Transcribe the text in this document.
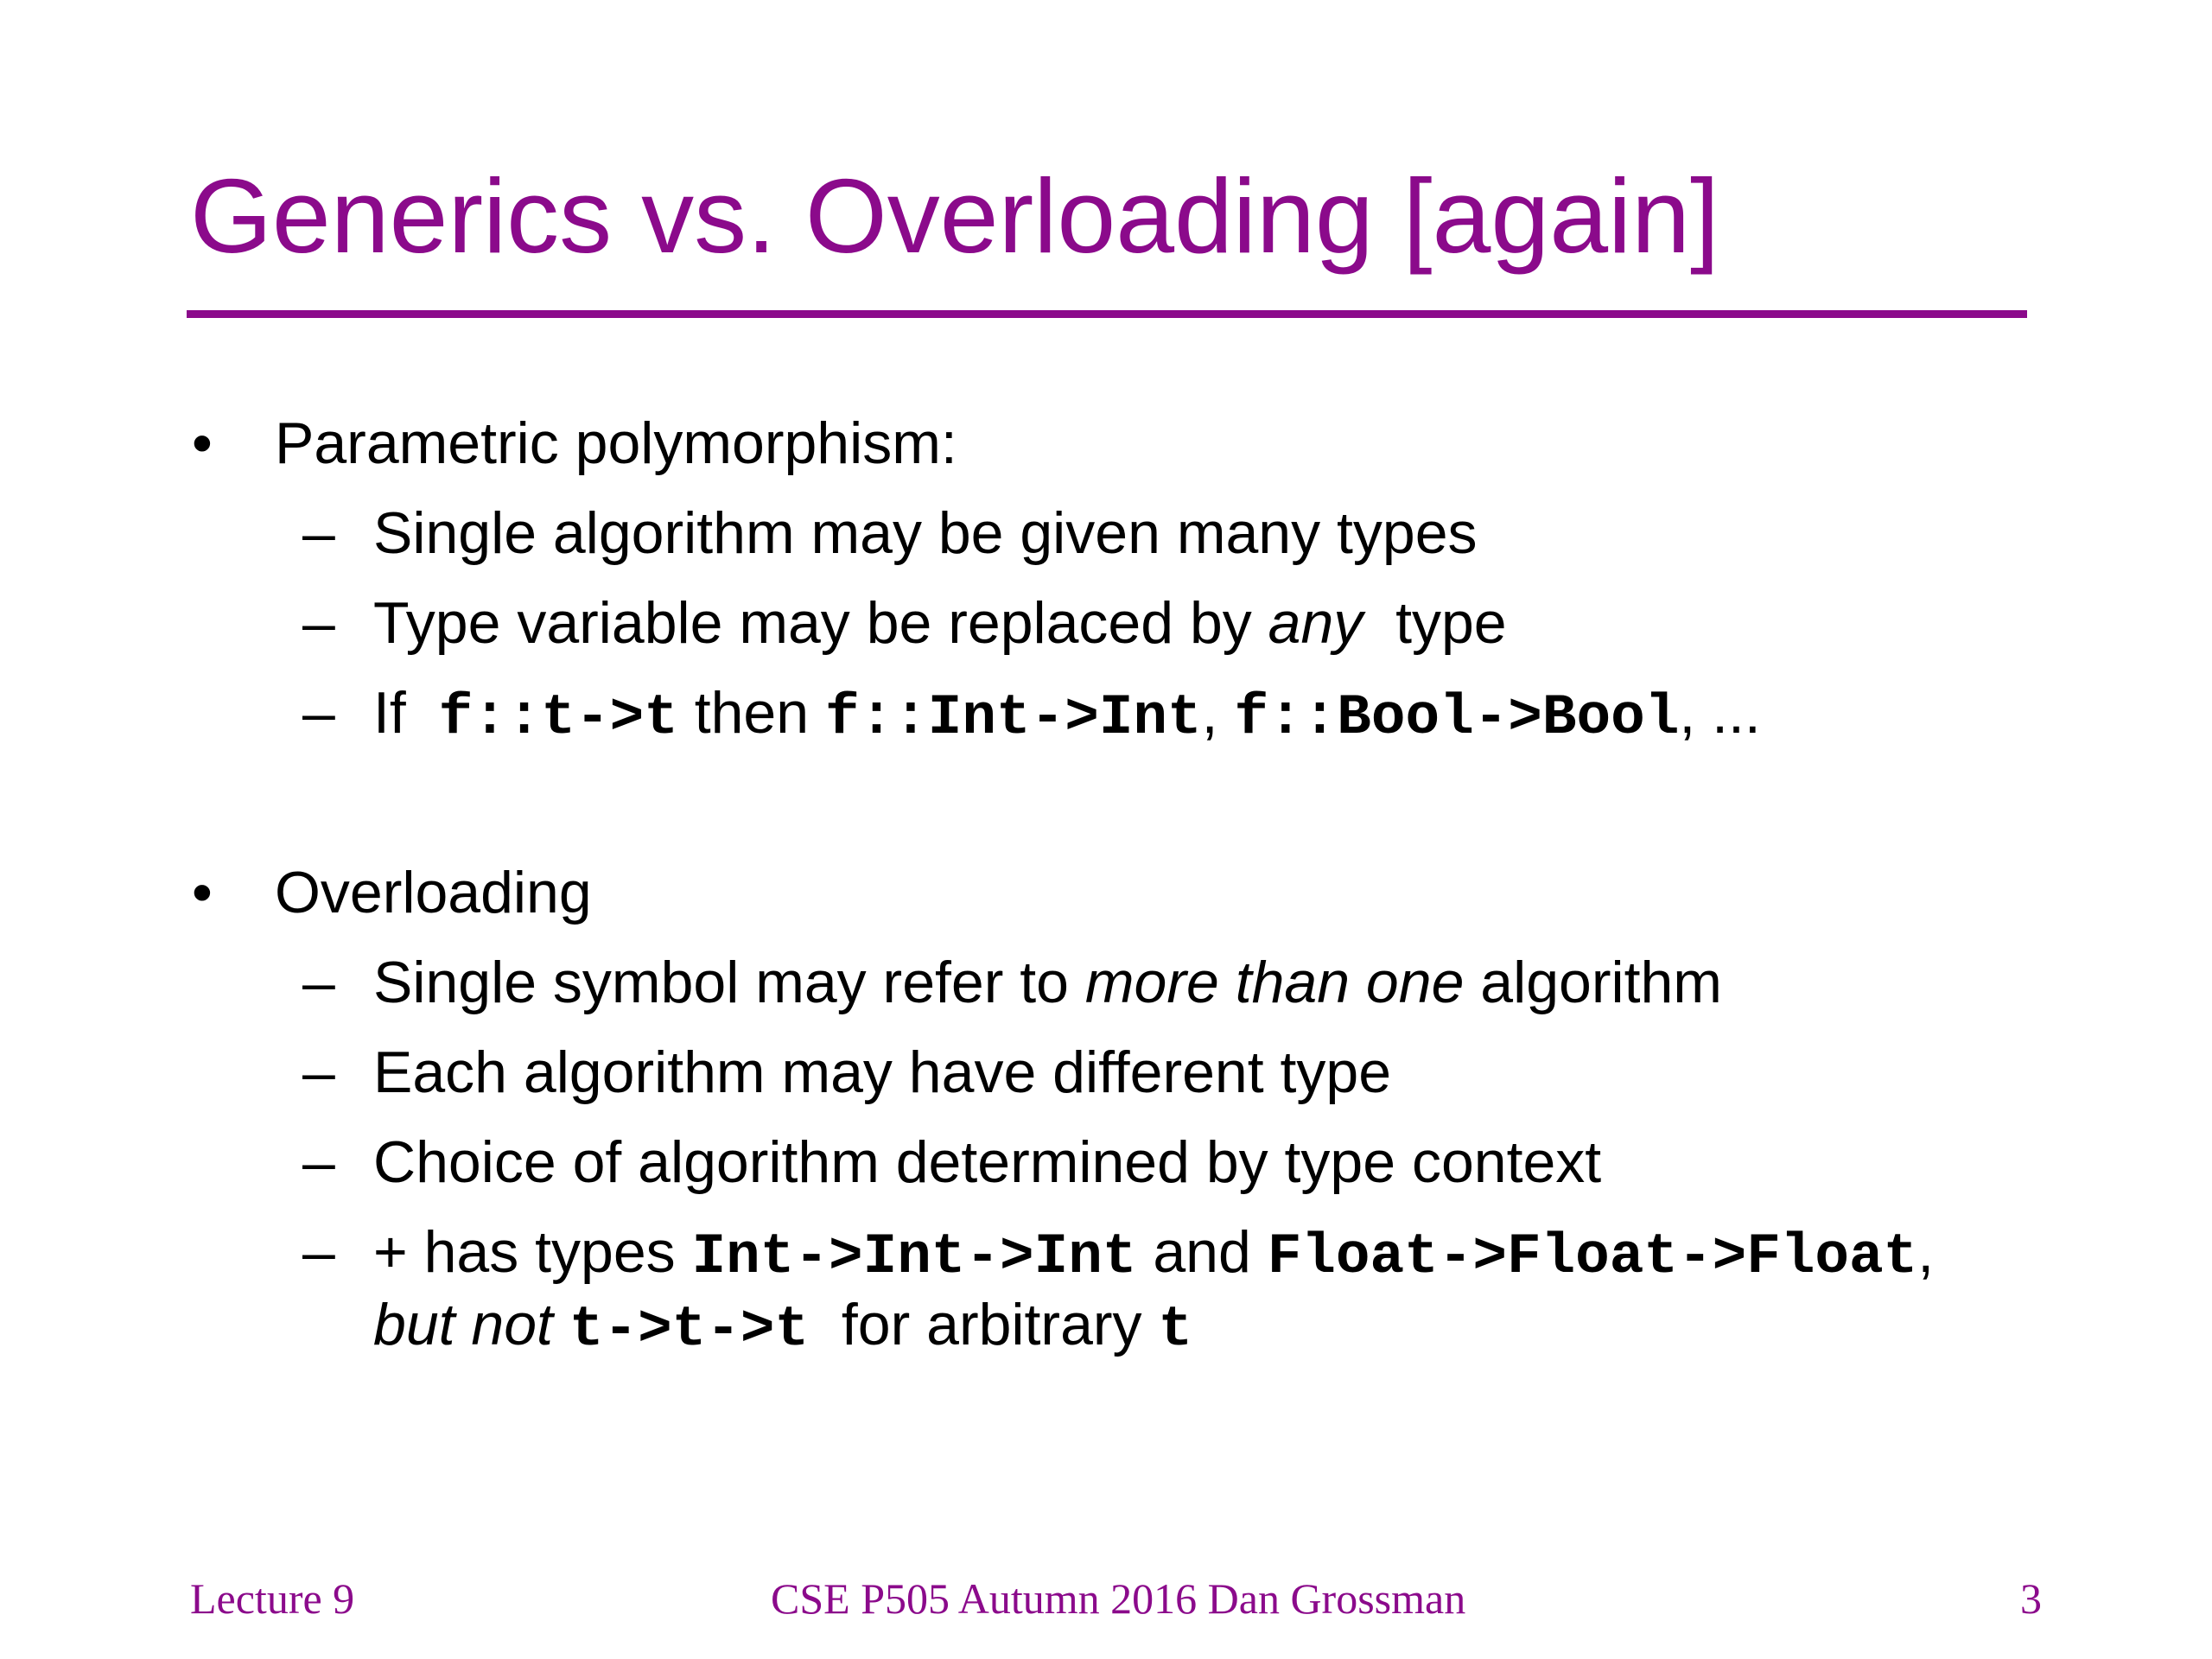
Generics vs. Overloading [again]
• Parametric polymorphism:
– Single algorithm may be given many types
– Type variable may be replaced by any  type
– If  f::t->t then f::Int->Int, f::Bool->Bool, ...
• Overloading
– Single symbol may refer to more than one algorithm
– Each algorithm may have different type
– Choice of algorithm determined by type context
– + has types Int->Int->Int and Float->Float->Float,
but not t->t->t  for arbitrary t
Lecture 9	CSE P505 Autumn 2016 Dan Grossman	3
